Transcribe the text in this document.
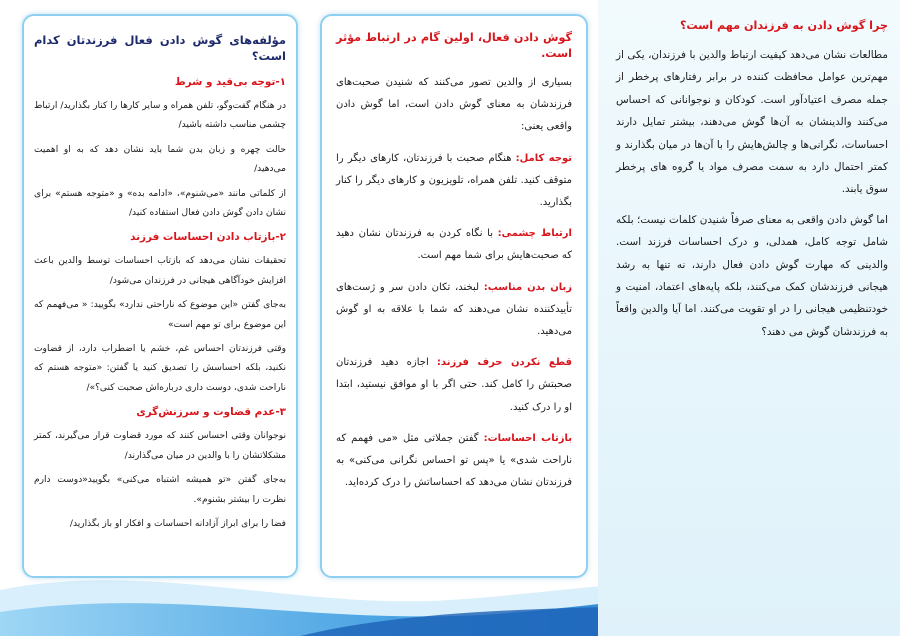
چرا گوش دادن به فرزندان مهم است؟

مطالعات نشان می‌دهد کیفیت ارتباط والدین با فرزندان، یکی از مهم‌ترین عوامل محافظت کننده در برابر رفتارهای پرخطر از جمله مصرف اعتیادآور است. کودکان و نوجوانانی که احساس می‌کنند والدینشان به آن‌ها گوش می‌دهند، بیشتر تمایل دارند احساسات، نگرانی‌ها و چالش‌هایش را با آن‌ها در میان بگذارند و کمتر احتمال دارد به سمت مصرف مواد یا گروه های پرخطر سوق یابند.

اما گوش دادن واقعی به معنای صرفاً شنیدن کلمات نیست؛ بلکه شامل توجه کامل، همدلی، و درک احساسات فرزند است. والدینی که مهارت گوش دادن فعال دارند، نه تنها به رشد هیجانی فرزندشان کمک می‌کنند، بلکه پایه‌های اعتماد، امنیت و خودتنظیمی هیجانی را در او تقویت می‌کنند. اما آیا والدین واقعاً به فرزندشان گوش می دهند؟

گوش دادن فعال، اولین گام در ارتباط مؤثر است.

بسیاری از والدین تصور می‌کنند که شنیدن صحبت‌های فرزندشان به معنای گوش دادن است، اما گوش دادن واقعی یعنی:

توجه کامل: هنگام صحبت با فرزندتان، کارهای دیگر را متوقف کنید. تلفن همراه، تلویزیون و کارهای دیگر را کنار بگذارید.

ارتباط چشمی: با نگاه کردن به فرزندتان نشان دهید که صحبت‌هایش برای شما مهم است.

زبان بدن مناسب: لبخند، تکان دادن سر و ژست‌های تأییدکننده نشان می‌دهند که شما با علاقه به او گوش می‌دهید.

قطع نکردن حرف فرزند: اجازه دهید فرزندتان صحبتش را کامل کند. حتی اگر با او موافق نیستید، ابتدا او را درک کنید.

بازتاب احساسات: گفتن جملاتی مثل «می فهمم که ناراحت شدی» یا «پس تو احساس نگرانی می‌کنی» به فرزندتان نشان می‌دهد که احساساتش را درک کرده‌اید.

مؤلفه‌های گوش دادن فعال فرزندتان کدام است؟
۱-توجه بی‌قید و شرط

در هنگام گفت‌وگو، تلفن همراه و سایر کارها را کنار بگذارید/ ارتباط چشمی مناسب داشته باشید/

حالت چهره و زبان بدن شما باید نشان دهد که به او اهمیت می‌دهید/

از کلماتی مانند «می‌شنوم»، «ادامه بده» و «متوجه هستم» برای نشان دادن گوش دادن فعال استفاده کنید/

۲-بازتاب دادن احساسات فرزند

تحقیقات نشان می‌دهد که بازتاب احساسات توسط والدین باعث افزایش خودآگاهی هیجانی در فرزندان می‌شود/

به‌جای گفتن «این موضوع که ناراحتی ندارد» بگویید: « می‌فهمم که این موضوع برای تو مهم است»

وقتی فرزندتان احساس غم، خشم یا اضطراب دارد، از قضاوت نکنید، بلکه احساسش را تصدیق کنید یا گفتن: «متوجه هستم که ناراحت شدی، دوست داری درباره‌اش صحبت کنی؟»/

۳-عدم قضاوت و سرزنش‌گری

نوجوانان وقتی احساس کنند که مورد قضاوت قرار می‌گیرند، کمتر مشکلاتشان را با والدین در میان می‌گذارند/

به‌جای گفتن «تو همیشه اشتباه می‌کنی» بگویید«دوست دارم نظرت را بیشتر بشنوم».

فضا را برای ابراز آزادانه احساسات و افکار او باز بگذارید/
